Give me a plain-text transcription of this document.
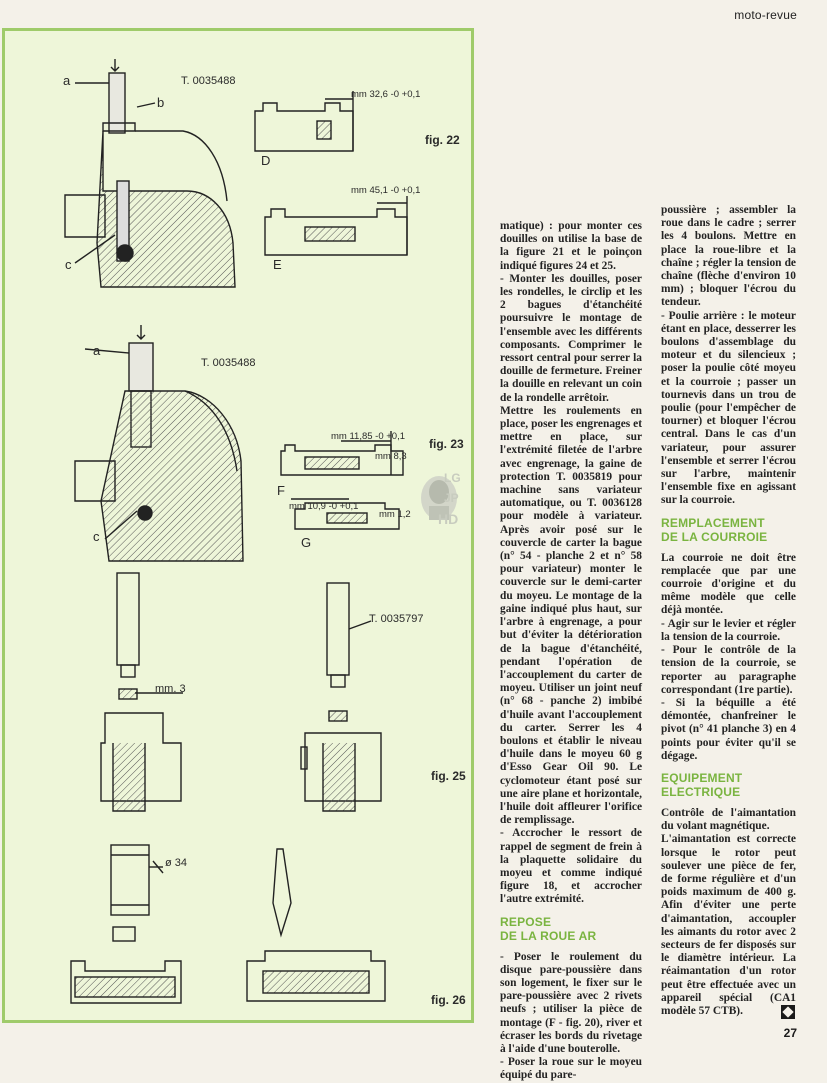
moto-revue
a
b
c
D
E
T. 0035488
mm 32,6 -0 +0,1
mm 45,1 -0 +0,1
fig. 22
a
c
F
G
T. 0035488
mm 11,85 -0 +0,1
mm 8,3
mm 10,9 -0 +0,1
mm 1,2
fig. 23
T. 0035797
mm. 3
fig. 25
ø 34
fig. 26
LG
JP
HD

matique) : pour monter ces douilles on utilise la base de la figure 21 et le poinçon indiqué figures 24 et 25.

- Monter les douilles, poser les rondelles, le circlip et les 2 bagues d'étanchéité poursuivre le montage de l'ensemble avec les différents composants. Comprimer le ressort central pour serrer la douille de fermeture. Freiner la douille en relevant un coin de la rondelle arrêtoir.

Mettre les roulements en place, poser les engrenages et mettre en place, sur l'extrémité filetée de l'arbre avec engrenage, la gaine de protection T. 0035819 pour machine sans variateur automatique, ou T. 0036128 pour modèle à variateur. Après avoir posé sur le couvercle de carter la bague (n° 54 - planche 2 et n° 58 pour variateur) monter le couvercle sur le demi-carter du moyeu. Le montage de la gaine indiqué plus haut, sur l'arbre à engrenage, a pour but d'éviter la détérioration de la bague d'étanchéité, pendant l'opération de l'accouplement du carter de moyeu. Utiliser un joint neuf (n° 68 - panche 2) imbibé d'huile avant l'accouplement du carter. Serrer les 4 boulons et établir le niveau d'huile dans le moyeu 60 g d'Esso Gear Oil 90. Le cyclomoteur étant posé sur une aire plane et horizontale, l'huile doit affleurer l'orifice de remplissage.

- Accrocher le ressort de rappel de segment de frein à la plaquette solidaire du moyeu et comme indiqué figure 18, et accrocher l'autre extrémité.

REPOSE
DE LA ROUE AR

- Poser le roulement du disque pare-poussière dans son logement, le fixer sur le pare-poussière avec 2 rivets neufs ; utiliser la pièce de montage (F - fig. 20), river et écraser les bords du rivetage à l'aide d'une bouterolle.

- Poser la roue sur le moyeu équipé du pare-

poussière ; assembler la roue dans le cadre ; serrer les 4 boulons. Mettre en place la roue-libre et la chaîne ; régler la tension de chaîne (flèche d'environ 10 mm) ; bloquer l'écrou du tendeur.

- Poulie arrière : le moteur étant en place, desserrer les boulons d'assemblage du moteur et du silencieux ; poser la poulie côté moyeu et la courroie ; passer un tournevis dans un trou de poulie (pour l'empêcher de tourner) et bloquer l'écrou central. Dans le cas d'un variateur, pour assurer l'ensemble et serrer l'écrou sur l'arbre, maintenir l'ensemble fixe en agissant sur la courroie.

REMPLACEMENT
DE LA COURROIE

La courroie ne doit être remplacée que par une courroie d'origine et du même modèle que celle déjà montée.

- Agir sur le levier et régler la tension de la courroie.

- Pour le contrôle de la tension de la courroie, se reporter au paragraphe correspondant (1re partie).

- Si la béquille a été démontée, chanfreiner le pivot (n° 41 planche 3) en 4 points pour éviter qu'il se dégage.

EQUIPEMENT
ELECTRIQUE

Contrôle de l'aimantation du volant magnétique.

L'aimantation est correcte lorsque le rotor peut soulever une pièce de fer, de forme régulière et d'un poids maximum de 400 g. Afin d'éviter une perte d'aimantation, accoupler les aimants du rotor avec 2 secteurs de fer disposés sur le diamètre intérieur. La réaimantation d'un rotor peut être effectuée avec un appareil spécial (CA1 modèle 57 CTB).

27
